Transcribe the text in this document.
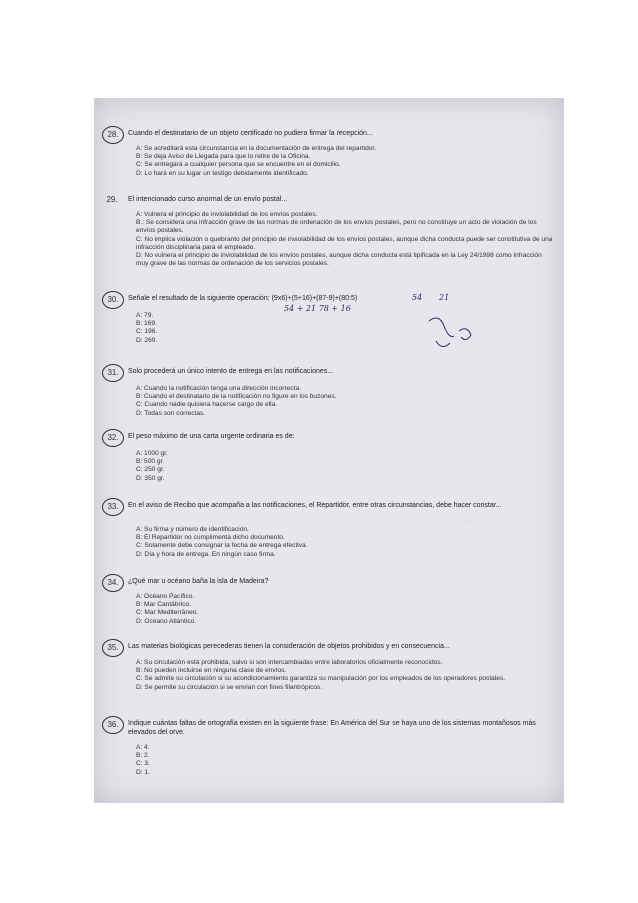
· · · · · · · · · ·
· · · · · · · ·
· · · · · · · · · · ·
28.	Cuando el destinatario de un objeto certificado no pudiera firmar la recepción...
A: Se acreditará esta circunstancia en la documentación de entrega del repartidor.
B: Se deja Aviso de Llegada para que lo retire de la Oficina.
C: Se entregará a cualquier persona que se encuentre en el domicilio.
D: Lo hará en su lugar un testigo debidamente identificado.
29.	El intencionado curso anormal de un envío postal...
A: Vulnera el principio de inviolabilidad de los envíos postales.
B.: Se considera una infracción grave de las normas de ordenación de los envíos postales, pero no constituye un acto de violación de los envíos postales.
C: No implica violación o quebranto del principio de inviolabilidad de los envíos postales, aunque dicha conducta puede ser constitutiva de una infracción disciplinaria para el empleado.
D: No vulnera el principio de inviolabilidad de los envíos postales, aunque dicha conducta está tipificada en la Ley 24/1998 como infracción muy grave de las normas de ordenación de los servicios postales.
30.	Señale el resultado de la siguiente operación: (9x6)+(5+16)+(87-9)+(80:5)
54 + 21 78 + 16
54 21
A: 79.
B: 169.
C: 196.
D: 269.
31.	Solo procederá un único intento de entrega en las notificaciones...
A: Cuando la notificación tenga una dirección incorrecta.
B: Cuando el destinatario de la notificación no figure en los buzones.
C: Cuando nadie quisiera hacerse cargo de ella.
D: Todas son correctas.
32.	El peso máximo de una carta urgente ordinaria es de:
A: 1000 gr.
B: 500 gr.
C: 250 gr.
D: 350 gr.
33.	En el aviso de Recibo que acompaña a las notificaciones, el Repartidor, entre otras circunstancias, debe hacer constar...
A: Su firma y número de identificación.
B: El Repartidor no cumplimenta dicho documento.
C: Solamente debe consignar la fecha de entrega efectiva.
D: Día y hora de entrega. En ningún caso firma.
34.	¿Qué mar u océano baña la isla de Madeira?
A: Océano Pacífico.
B: Mar Cantábrico.
C: Mar Mediterráneo.
D: Océano Atlántico.
35.	Las materias biológicas perecederas tienen la consideración de objetos prohibidos y en consecuencia...
A: Su circulación está prohibida, salvo si son intercambiadas entre laboratorios oficialmente reconocidos.
B: No pueden incluirse en ninguna clase de envíos.
C: Se admite su circulación si su acondicionamiento garantiza su manipulación por los empleados de los operadores postales.
D: Se permite su circulación si se envían con fines filantrópicos.
36.	Indique cuántas faltas de ortografía existen en la siguiente frase: En América del Sur se haya uno de los sistemas montañosos más elevados del orve.
A: 4.
B: 2.
C: 3.
D: 1.
